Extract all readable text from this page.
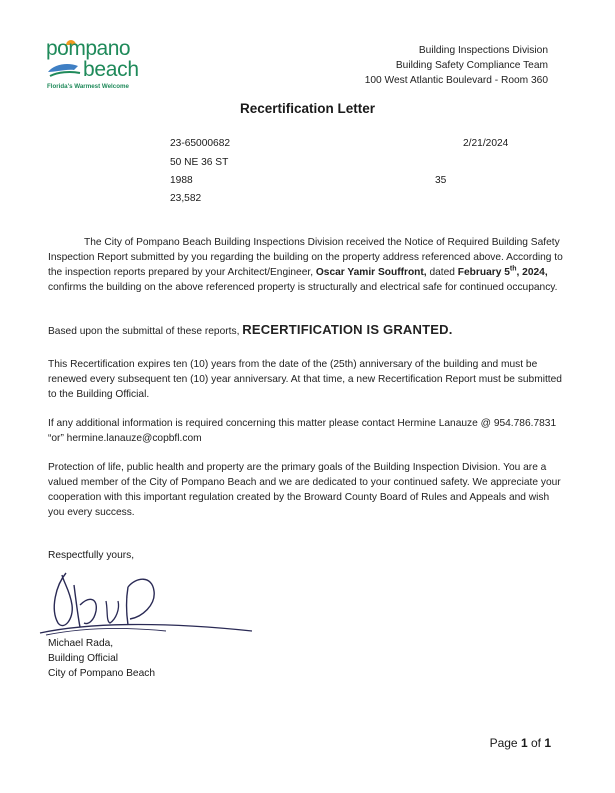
pompano
beach
Florida's Warmest Welcome
Building Inspections Division
Building Safety Compliance Team
100 West Atlantic Boulevard - Room 360
Recertification Letter
23-65000682	2/21/2024
50 NE 36 ST
1988	35
23,582
The City of Pompano Beach Building Inspections Division received the Notice of Required Building Safety Inspection Report submitted by you regarding the building on the property address referenced above. According to the inspection reports prepared by your Architect/Engineer, Oscar Yamir Souffront, dated February 5th, 2024, confirms the building on the above referenced property is structurally and electrical safe for continued occupancy.
Based upon the submittal of these reports, RECERTIFICATION IS GRANTED.
This Recertification expires ten (10) years from the date of the (25th) anniversary of the building and must be renewed every subsequent ten (10) year anniversary. At that time, a new Recertification Report must be submitted to the Building Official.
If any additional information is required concerning this matter please contact Hermine Lanauze @ 954.786.7831 “or” hermine.lanauze@copbfl.com
Protection of life, public health and property are the primary goals of the Building Inspection Division. You are a valued member of the City of Pompano Beach and we are dedicated to your continued safety. We appreciate your cooperation with this important regulation created by the Broward County Board of Rules and Appeals and wish you every success.
Respectfully yours,
Michael Rada,
Building Official
City of Pompano Beach
Page 1 of 1
